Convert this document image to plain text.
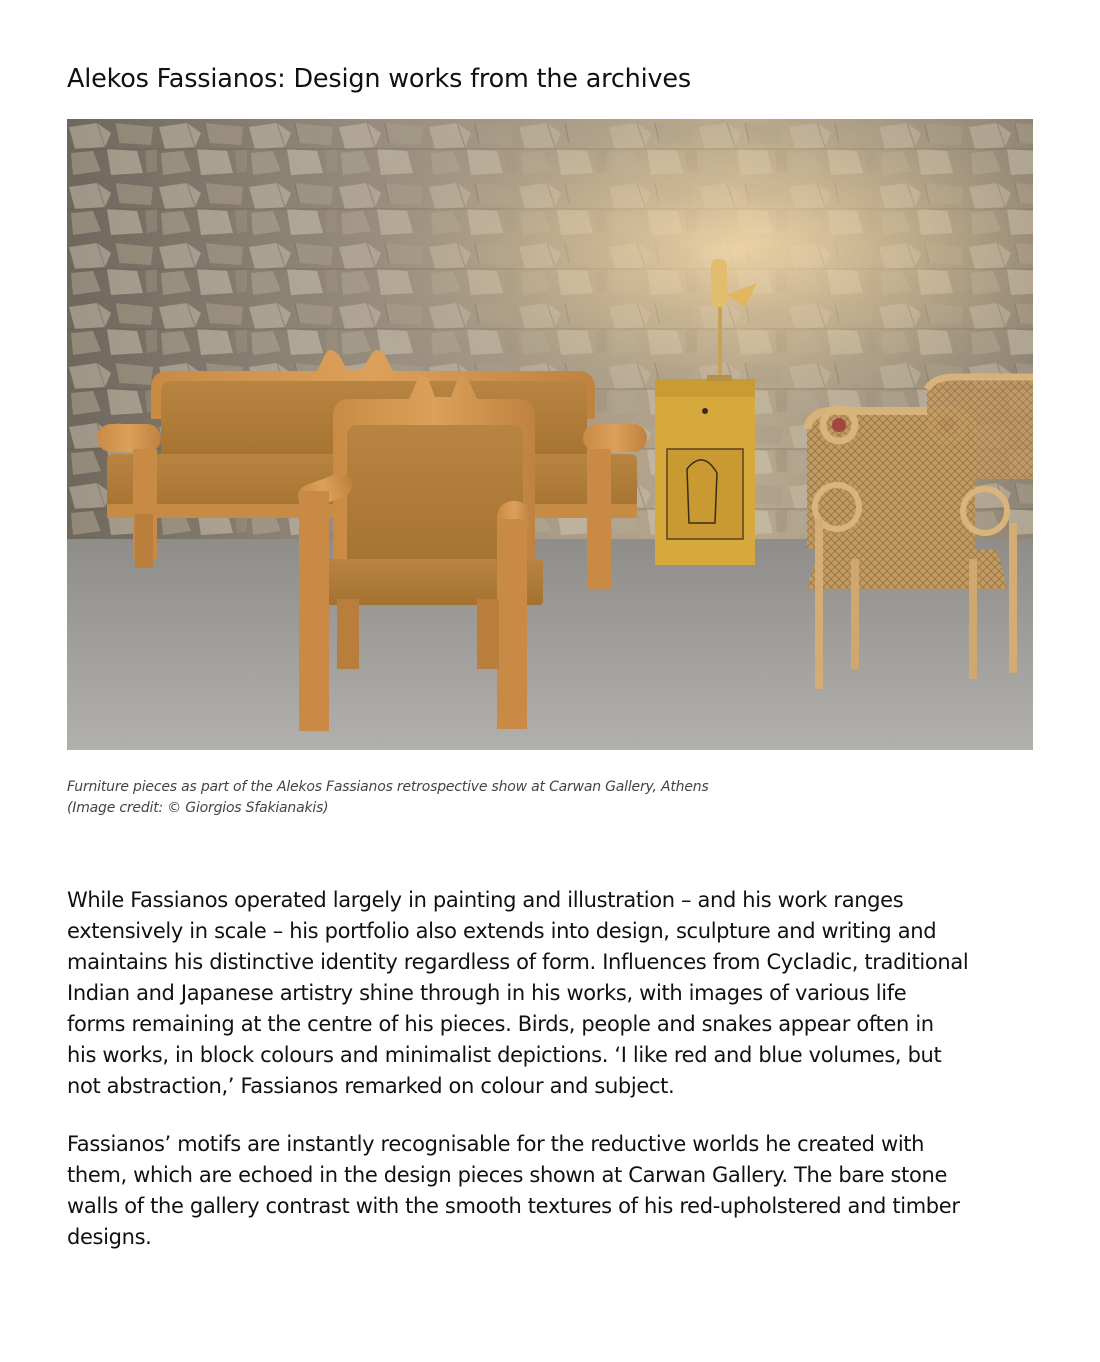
Alekos Fassianos: Design works from the archives
Furniture pieces as part of the Alekos Fassianos retrospective show at Carwan Gallery, Athens
(Image credit: © Giorgios Sfakianakis)

While Fassianos operated largely in painting and illustration – and his work ranges
extensively in scale – his portfolio also extends into design, sculpture and writing and
maintains his distinctive identity regardless of form. Influences from Cycladic, traditional
Indian and Japanese artistry shine through in his works, with images of various life
forms remaining at the centre of his pieces. Birds, people and snakes appear often in
his works, in block colours and minimalist depictions. ‘I like red and blue volumes, but
not abstraction,’ Fassianos remarked on colour and subject.

Fassianos’ motifs are instantly recognisable for the reductive worlds he created with
them, which are echoed in the design pieces shown at Carwan Gallery. The bare stone
walls of the gallery contrast with the smooth textures of his red-upholstered and timber
designs.
